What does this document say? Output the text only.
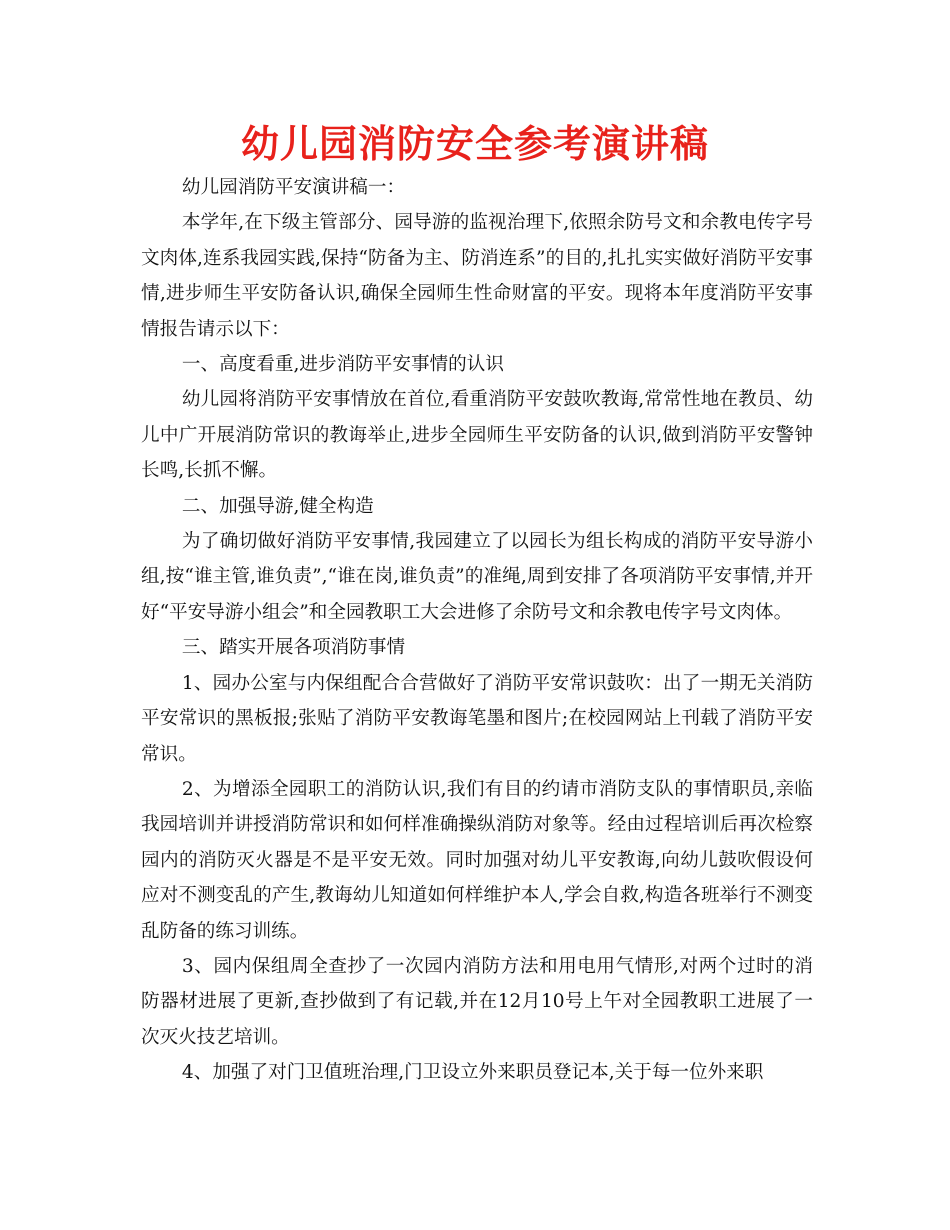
幼儿园消防安全参考演讲稿

幼儿园消防平安演讲稿一：

本学年,在下级主管部分、园导游的监视治理下,依照余防号文和余教电传字号文肉体,连系我园实践,保持“防备为主、防消连系”的目的,扎扎实实做好消防平安事情,进步师生平安防备认识,确保全园师生性命财富的平安。现将本年度消防平安事情报告请示以下：

一、高度看重,进步消防平安事情的认识

幼儿园将消防平安事情放在首位,看重消防平安鼓吹教诲,常常性地在教员、幼儿中广开展消防常识的教诲举止,进步全园师生平安防备的认识,做到消防平安警钟长鸣,长抓不懈。

二、加强导游,健全构造

为了确切做好消防平安事情,我园建立了以园长为组长构成的消防平安导游小组,按“谁主管,谁负责”,“谁在岗,谁负责”的准绳,周到安排了各项消防平安事情,并开好“平安导游小组会”和全园教职工大会进修了余防号文和余教电传字号文肉体。

三、踏实开展各项消防事情

1、园办公室与内保组配合合营做好了消防平安常识鼓吹：出了一期无关消防平安常识的黑板报;张贴了消防平安教诲笔墨和图片;在校园网站上刊载了消防平安常识。

2、为增添全园职工的消防认识,我们有目的约请市消防支队的事情职员,亲临我园培训并讲授消防常识和如何样准确操纵消防对象等。经由过程培训后再次检察园内的消防灭火器是不是平安无效。同时加强对幼儿平安教诲,向幼儿鼓吹假设何应对不测变乱的产生,教诲幼儿知道如何样维护本人,学会自救,构造各班举行不测变乱防备的练习训练。

3、园内保组周全查抄了一次园内消防方法和用电用气情形,对两个过时的消防器材进展了更新,查抄做到了有记载,并在12月10号上午对全园教职工进展了一次灭火技艺培训。

4、加强了对门卫值班治理,门卫设立外来职员登记本,关于每一位外来职
